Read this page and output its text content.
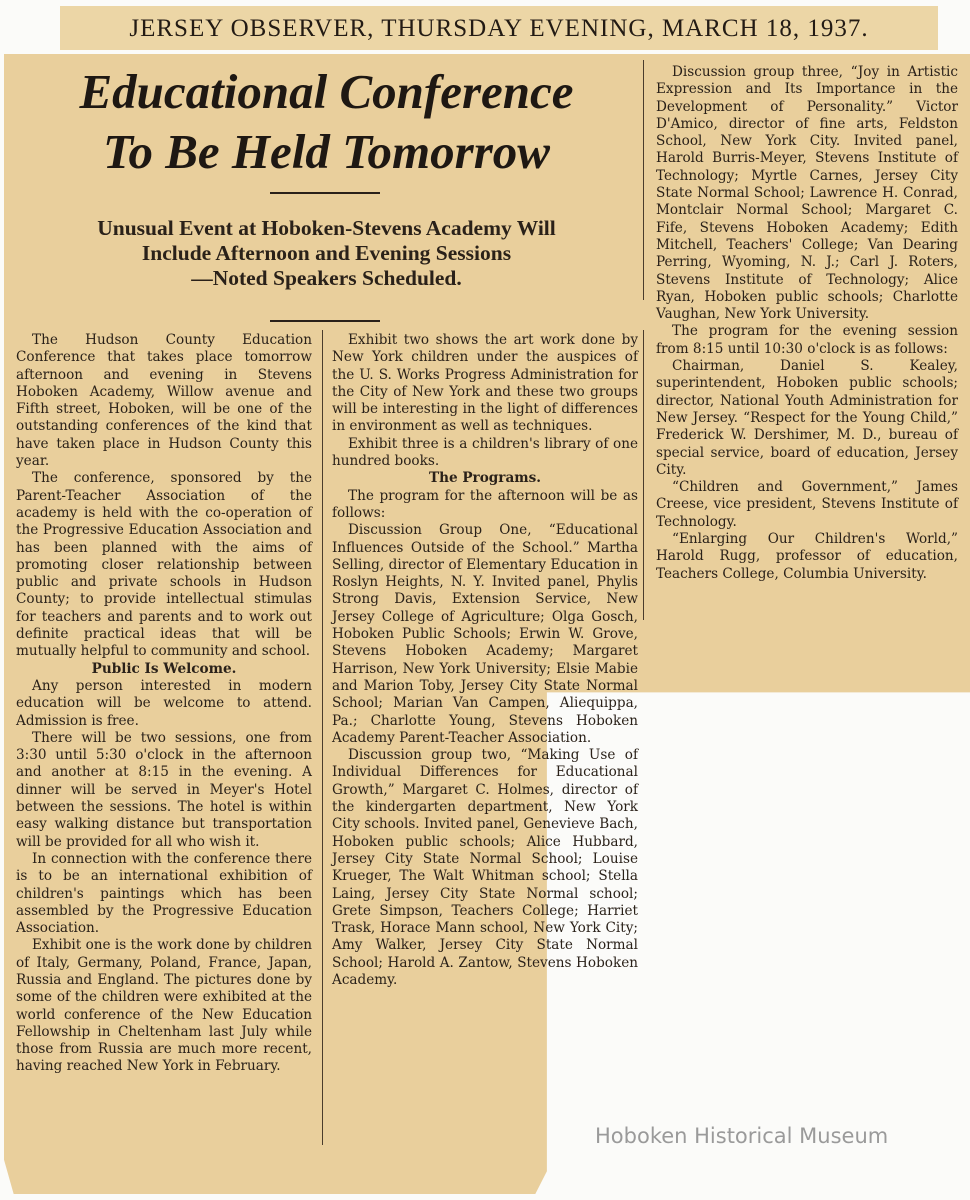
JERSEY OBSERVER, THURSDAY EVENING, MARCH 18, 1937.
Educational Conference
To Be Held Tomorrow
Unusual Event at Hoboken-Stevens Academy Will
Include Afternoon and Evening Sessions
—Noted Speakers Scheduled.

The Hudson County Education Conference that takes place tomorrow afternoon and evening in Stevens Hoboken Academy, Willow avenue and Fifth street, Hoboken, will be one of the outstanding conferences of the kind that have taken place in Hudson County this year.

The conference, sponsored by the Parent-Teacher Association of the academy is held with the co-operation of the Progressive Education Association and has been planned with the aims of promoting closer relationship between public and private schools in Hudson County; to provide intellectual stimulas for teachers and parents and to work out definite practical ideas that will be mutually helpful to community and school.

Public Is Welcome.

Any person interested in modern education will be welcome to attend. Admission is free.

There will be two sessions, one from 3:30 until 5:30 o'clock in the afternoon and another at 8:15 in the evening. A dinner will be served in Meyer's Hotel between the sessions. The hotel is within easy walking distance but transportation will be provided for all who wish it.

In connection with the conference there is to be an international exhibition of children's paintings which has been assembled by the Progressive Education Association.

Exhibit one is the work done by children of Italy, Germany, Poland, France, Japan, Russia and England. The pictures done by some of the children were exhibited at the world conference of the New Education Fellowship in Cheltenham last July while those from Russia are much more recent, having reached New York in February.

Exhibit two shows the art work done by New York children under the auspices of the U. S. Works Progress Administration for the City of New York and these two groups will be interesting in the light of differences in environment as well as techniques.

Exhibit three is a children's library of one hundred books.

The Programs.

The program for the afternoon will be as follows:

Discussion Group One, “Educational Influences Outside of the School.” Martha Selling, director of Elementary Education in Roslyn Heights, N. Y. Invited panel, Phylis Strong Davis, Extension Service, New Jersey College of Agriculture; Olga Gosch, Hoboken Public Schools; Erwin W. Grove, Stevens Hoboken Academy; Margaret Harrison, New York University; Elsie Mabie and Marion Toby, Jersey City State Normal School; Marian Van Campen, Aliequippa, Pa.; Charlotte Young, Stevens Hoboken Academy Parent-Teacher Association.

Discussion group two, “Making Use of Individual Differences for Educational Growth,” Margaret C. Holmes, director of the kindergarten department, New York City schools. Invited panel, Genevieve Bach, Hoboken public schools; Alice Hubbard, Jersey City State Normal School; Louise Krueger, The Walt Whitman school; Stella Laing, Jersey City State Normal school; Grete Simpson, Teachers College; Harriet Trask, Horace Mann school, New York City; Amy Walker, Jersey City State Normal School; Harold A. Zantow, Stevens Hoboken Academy.

Discussion group three, “Joy in Artistic Expression and Its Importance in the Development of Personality.” Victor D'Amico, director of fine arts, Feldston School, New York City. Invited panel, Harold Burris-Meyer, Stevens Institute of Technology; Myrtle Carnes, Jersey City State Normal School; Lawrence H. Conrad, Montclair Normal School; Margaret C. Fife, Stevens Hoboken Academy; Edith Mitchell, Teachers' College; Van Dearing Perring, Wyoming, N. J.; Carl J. Roters, Stevens Institute of Technology; Alice Ryan, Hoboken public schools; Charlotte Vaughan, New York University.

The program for the evening session from 8:15 until 10:30 o'clock is as follows:

Chairman, Daniel S. Kealey, superintendent, Hoboken public schools; director, National Youth Administration for New Jersey. “Respect for the Young Child,” Frederick W. Dershimer, M. D., bureau of special service, board of education, Jersey City.

“Children and Government,” James Creese, vice president, Stevens Institute of Technology.

“Enlarging Our Children's World,” Harold Rugg, professor of education, Teachers College, Columbia University.

Hoboken Historical Museum
